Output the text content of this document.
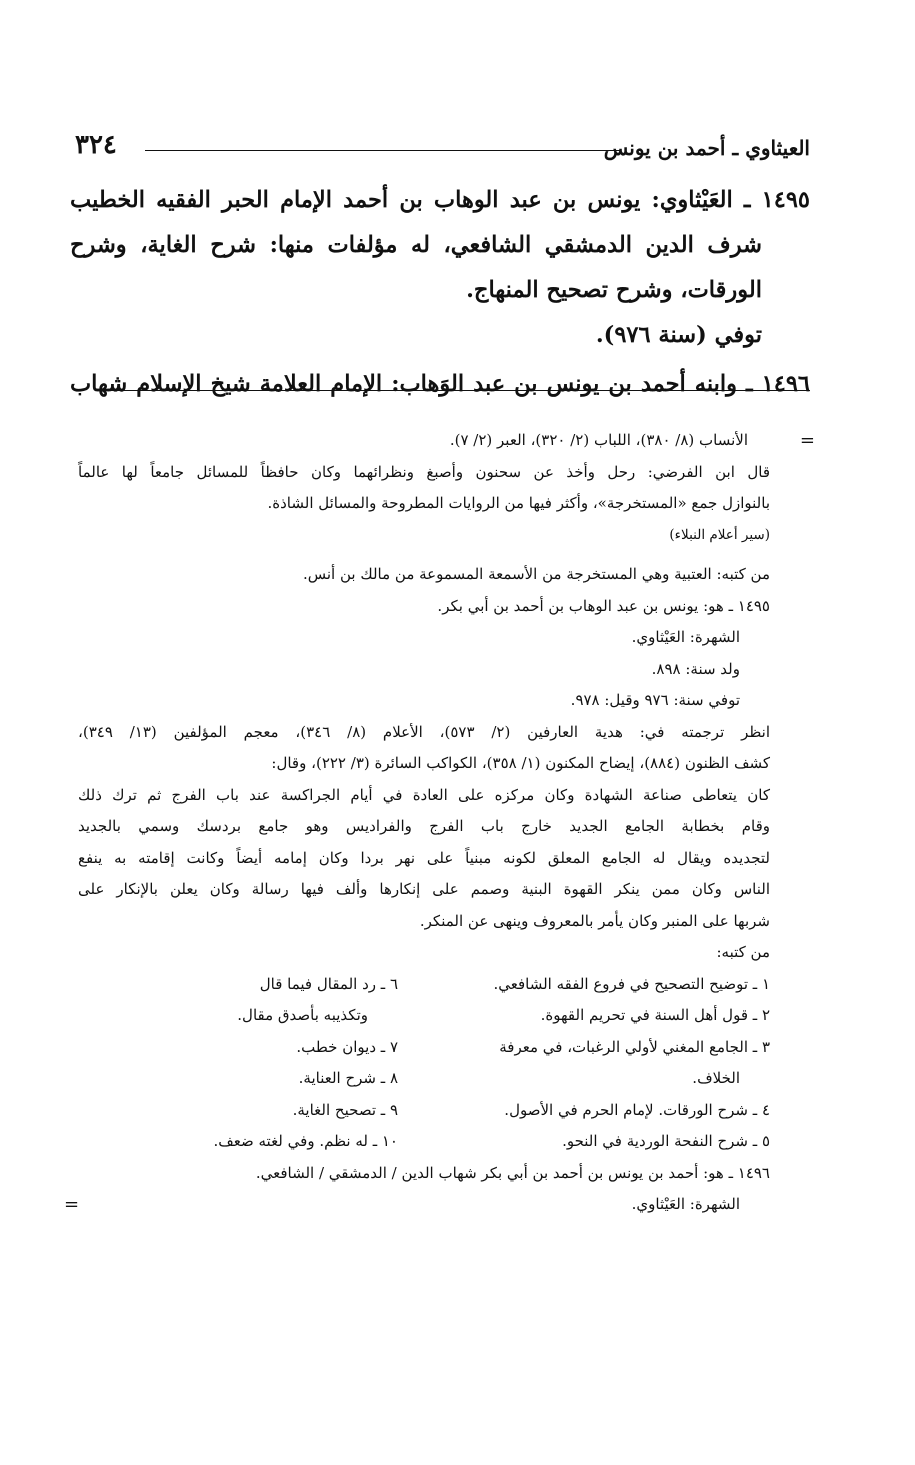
العيثاوي ـ أحمد بن يونس
٣٢٤
١٤٩٥ ـ العَيْثاوي: يونس بن عبد الوهاب بن أحمد الإمام الحبر الفقيه الخطيب
شرف الدين الدمشقي الشافعي، له مؤلفات منها: شرح الغاية، وشرح
الورقات، وشرح تصحيح المنهاج.
توفي (سنة ٩٧٦).
١٤٩٦ ـ وابنه أحمد بن يونس بن عبد الوَهاب: الإمام العلامة شيخ الإسلام شهاب
=
الأنساب (٨/ ٣٨٠)، اللباب (٢/ ٣٢٠)، العبر (٢/ ٧).
قال ابن الفرضي: رحل وأخذ عن سحنون وأصبغ ونظرائهما وكان حافظاً للمسائل جامعاً لها عالماً
بالنوازل جمع «المستخرجة»، وأكثر فيها من الروايات المطروحة والمسائل الشاذة.
(سير أعلام النبلاء)
من كتبه: العتبية وهي المستخرجة من الأسمعة المسموعة من مالك بن أنس.
١٤٩٥ ـ هو: يونس بن عبد الوهاب بن أحمد بن أبي بكر.
الشهرة: العَيْثاوي.
ولد سنة: ٨٩٨.
توفي سنة: ٩٧٦ وقيل: ٩٧٨.
انظر ترجمته في: هدية العارفين (٢/ ٥٧٣)، الأعلام (٨/ ٣٤٦)، معجم المؤلفين (١٣/ ٣٤٩)،
كشف الظنون (٨٨٤)، إيضاح المكنون (١/ ٣٥٨)، الكواكب السائرة (٣/ ٢٢٢)، وقال:
كان يتعاطى صناعة الشهادة وكان مركزه على العادة في أيام الجراكسة عند باب الفرج ثم ترك ذلك
وقام بخطابة الجامع الجديد خارج باب الفرج والفراديس وهو جامع بردسك وسمي بالجديد
لتجديده ويقال له الجامع المعلق لكونه مبنياً على نهر بردا وكان إمامه أيضاً وكانت إقامته به ينفع
الناس وكان ممن ينكر القهوة البنية وصمم على إنكارها وألف فيها رسالة وكان يعلن بالإنكار على
شربها على المنبر وكان يأمر بالمعروف وينهى عن المنكر.
من كتبه:
١ ـ توضيح التصحيح في فروع الفقه الشافعي.
٢ ـ قول أهل السنة في تحريم القهوة.
٣ ـ الجامع المغني لأولي الرغبات، في معرفة
الخلاف.
٤ ـ شرح الورقات. لإمام الحرم في الأصول.
٥ ـ شرح النفحة الوردية في النحو.
٦ ـ رد المقال فيما قال
وتكذيبه بأصدق مقال.
٧ ـ ديوان خطب.
٨ ـ شرح العناية.
٩ ـ تصحيح الغاية.
١٠ ـ له نظم. وفي لغته ضعف.
١٤٩٦ ـ هو: أحمد بن يونس بن أحمد بن أبي بكر شهاب الدين / الدمشقي / الشافعي.
=	الشهرة: العَيْثاوي.
